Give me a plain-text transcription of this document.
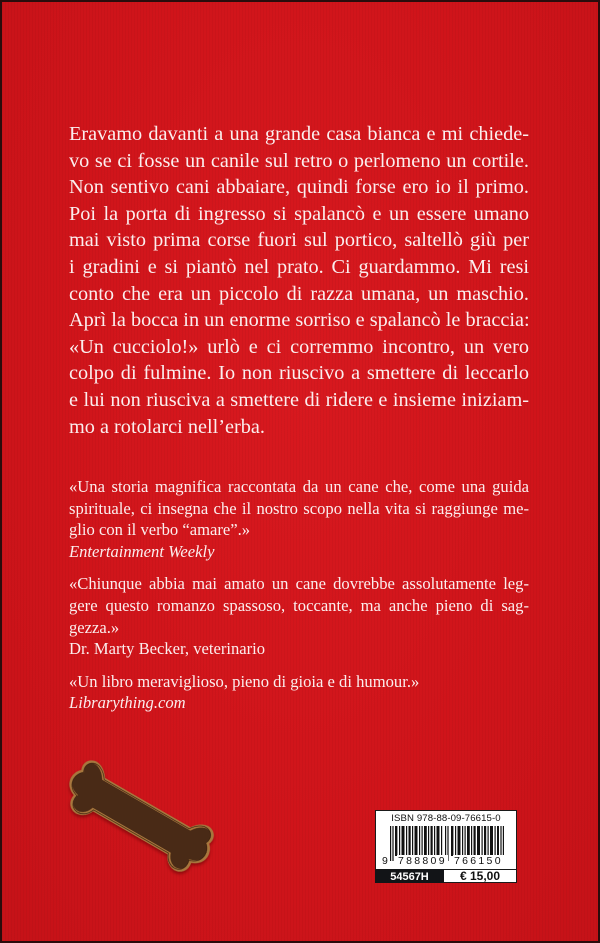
Eravamo davanti a una grande casa bianca e mi chiede-
vo se ci fosse un canile sul retro o perlomeno un cortile.
Non sentivo cani abbaiare, quindi forse ero io il primo.
Poi la porta di ingresso si spalancò e un essere umano
mai visto prima corse fuori sul portico, saltellò giù per
i gradini e si piantò nel prato. Ci guardammo. Mi resi
conto che era un piccolo di razza umana, un maschio.
Aprì la bocca in un enorme sorriso e spalancò le braccia:
«Un cucciolo!» urlò e ci corremmo incontro, un vero
colpo di fulmine. Io non riuscivo a smettere di leccarlo
e lui non riusciva a smettere di ridere e insieme iniziam-
mo a rotolarci nell’erba.
«Una storia magnifica raccontata da un cane che, come una guida
spirituale, ci insegna che il nostro scopo nella vita si raggiunge me-
glio con il verbo “amare”.»
Entertainment Weekly
«Chiunque abbia mai amato un cane dovrebbe assolutamente leg-
gere questo romanzo spassoso, toccante, ma anche pieno di sag-
gezza.»
Dr. Marty Becker, veterinario
«Un libro meraviglioso, pieno di gioia e di humour.»
Librarything.com
ISBN 978-88-09-76615-0
9 788809 766150
54567H	€ 15,00
